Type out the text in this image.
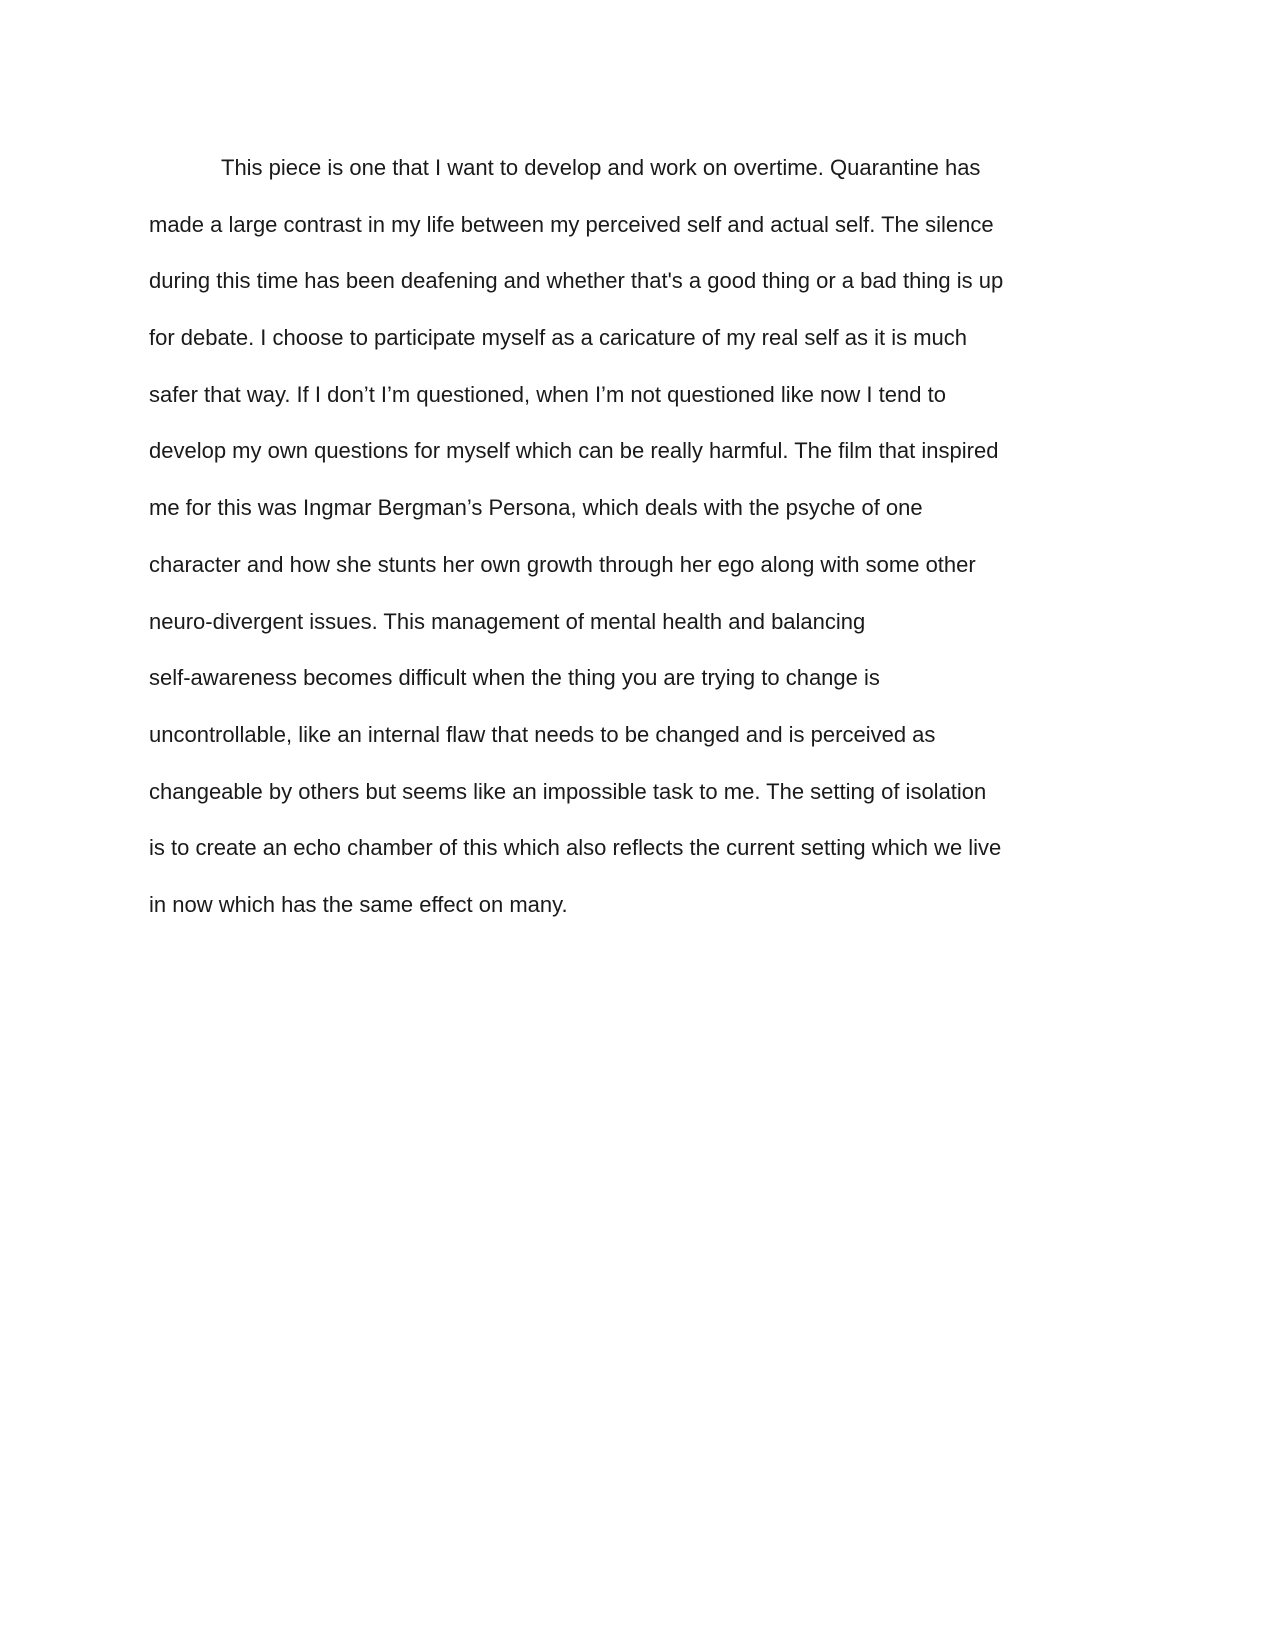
This piece is one that I want to develop and work on overtime. Quarantine has
made a large contrast in my life between my perceived self and actual self. The silence
during this time has been deafening and whether that's a good thing or a bad thing is up
for debate. I choose to participate myself as a caricature of my real self as it is much
safer that way. If I don’t I’m questioned, when I’m not questioned like now I tend to
develop my own questions for myself which can be really harmful. The film that inspired
me for this was Ingmar Bergman’s Persona, which deals with the psyche of one
character and how she stunts her own growth through her ego along with some other
neuro-divergent issues. This management of mental health and balancing
self-awareness becomes difficult when the thing you are trying to change is
uncontrollable, like an internal flaw that needs to be changed and is perceived as
changeable by others but seems like an impossible task to me. The setting of isolation
is to create an echo chamber of this which also reflects the current setting which we live
in now which has the same effect on many.
